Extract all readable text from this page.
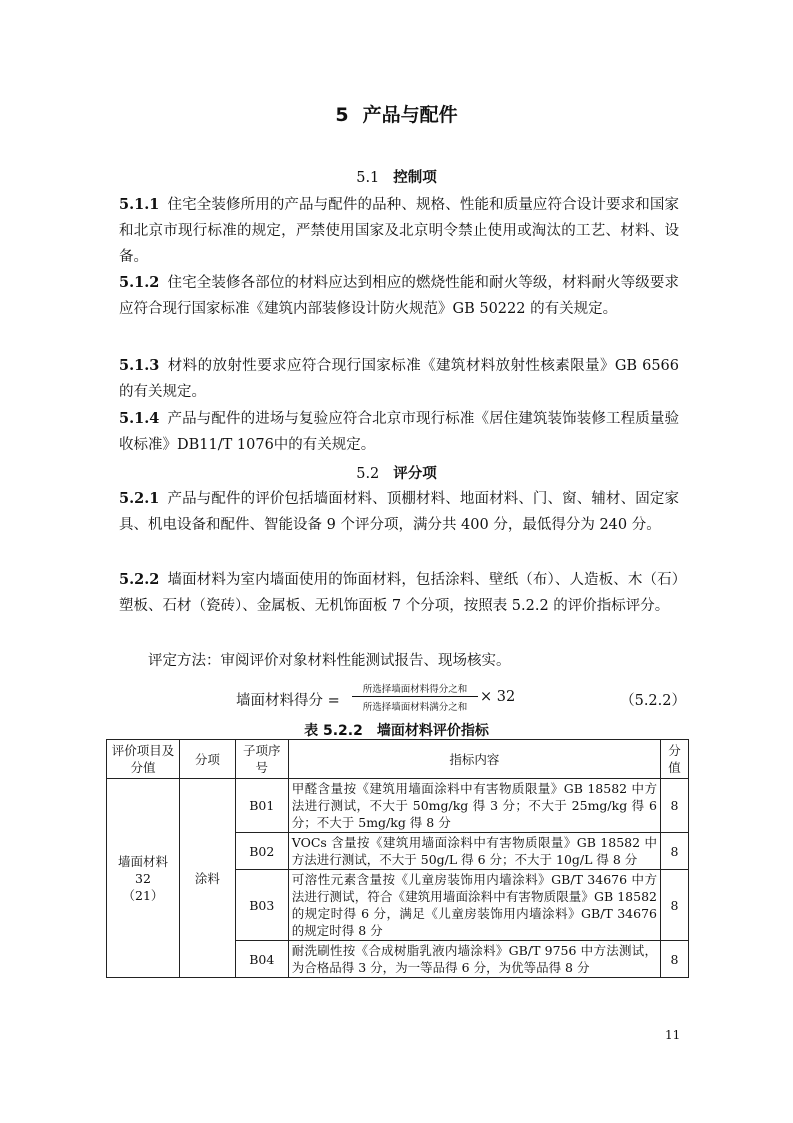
5 产品与配件
5.1 控制项
5.1.1 住宅全装修所用的产品与配件的品种、规格、性能和质量应符合设计要求和国家和北京市现行标准的规定，严禁使用国家及北京明令禁止使用或淘汰的工艺、材料、设备。
5.1.2 住宅全装修各部位的材料应达到相应的燃烧性能和耐火等级，材料耐火等级要求应符合现行国家标准《建筑内部装修设计防火规范》GB 50222 的有关规定。
5.1.3 材料的放射性要求应符合现行国家标准《建筑材料放射性核素限量》GB 6566的有关规定。
5.1.4 产品与配件的进场与复验应符合北京市现行标准《居住建筑装饰装修工程质量验收标准》DB11/T 1076中的有关规定。
5.2 评分项
5.2.1 产品与配件的评价包括墙面材料、顶棚材料、地面材料、门、窗、辅材、固定家具、机电设备和配件、智能设备 9 个评分项，满分共 400 分，最低得分为 240 分。
5.2.2 墙面材料为室内墙面使用的饰面材料，包括涂料、壁纸（布）、人造板、木（石）塑板、石材（瓷砖）、金属板、无机饰面板 7 个分项，按照表 5.2.2 的评价指标评分。
评定方法：审阅评价对象材料性能测试报告、现场核实。
墙面材料得分 =
所选择墙面材料得分之和
所选择墙面材料满分之和
× 32	（5.2.2）
表 5.2.2 墙面材料评价指标
评价项目及分值	分项	子项序号	指标内容	分值

墙面材料
32
（21）	涂料	B01	甲醛含量按《建筑用墙面涂料中有害物质限量》GB 18582 中方法进行测试，不大于 50mg/kg 得 3 分；不大于 25mg/kg 得 6 分；不大于 5mg/kg 得 8 分	8
		B02	VOCs 含量按《建筑用墙面涂料中有害物质限量》GB 18582 中方法进行测试，不大于 50g/L 得 6 分；不大于 10g/L 得 8 分	8
		B03	可溶性元素含量按《儿童房装饰用内墙涂料》GB/T 34676 中方法进行测试，符合《建筑用墙面涂料中有害物质限量》GB 18582 的规定时得 6 分，满足《儿童房装饰用内墙涂料》GB/T 34676 的规定时得 8 分	8
		B04	耐洗刷性按《合成树脂乳液内墙涂料》GB/T 9756 中方法测试，为合格品得 3 分，为一等品得 6 分，为优等品得 8 分	8
11
